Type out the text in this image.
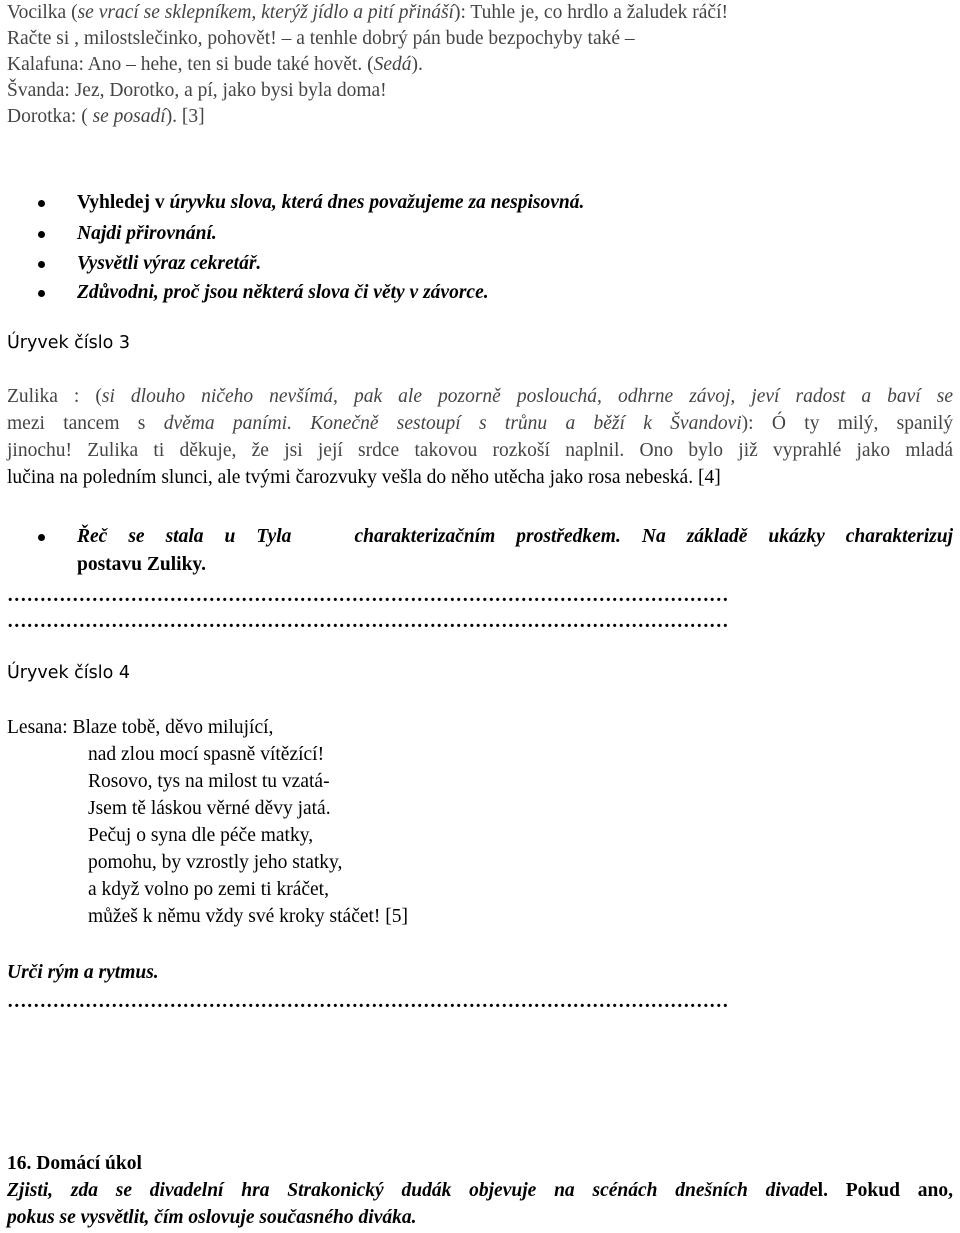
Vocilka (se vrací se sklepníkem, kterýž jídlo a pití přináší): Tuhle je, co hrdlo a žaludek ráčí!
Račte si , milostslečinko, pohovět! – a tenhle dobrý pán bude bezpochyby také –
Kalafuna: Ano – hehe, ten si bude také hovět. (Sedá).
Švanda: Jez, Dorotko, a pí, jako bysi byla doma!
Dorotka: ( se posadí). [3]
Vyhledej v úryvku slova, která dnes považujeme za nespisovná.
Najdi přirovnání.
Vysvětli výraz cekretář.
Zdůvodni, proč jsou některá slova či věty v závorce.
Úryvek číslo 3
Zulika : (si dlouho ničeho nevšímá, pak ale pozorně poslouchá, odhrne závoj, jeví radost a baví se
mezi tancem s dvěma paními. Konečně sestoupí s trůnu a běží k Švandovi): Ó ty milý, spanilý
jinochu! Zulika ti děkuje, že jsi její srdce takovou rozkoší naplnil. Ono bylo již vyprahlé jako mladá
lučina na poledním slunci, ale tvými čarozvuky vešla do něho utěcha jako rosa nebeská. [4]
Řeč se stala u Tyla	charakterizačním prostředkem. Na základě ukázky charakterizuj
postavu Zuliky.
…………………………………………………………………………………………………
…………………………………………………………………………………………………
Úryvek číslo 4
Lesana: Blaze tobě, děvo milující,
nad zlou mocí spasně vítězící!
Rosovo, tys na milost tu vzatá-
Jsem tě láskou věrné děvy jatá.
Pečuj o syna dle péče matky,
pomohu, by vzrostly jeho statky,
a když volno po zemi ti kráčet,
můžeš k němu vždy své kroky stáčet! [5]
Urči rým a rytmus.
…………………………………………………………………………………………………
16. Domácí úkol
Zjisti, zda se divadelní hra Strakonický dudák objevuje na scénách dnešních divadel. Pokud ano,
pokus se vysvětlit, čím oslovuje současného diváka.
